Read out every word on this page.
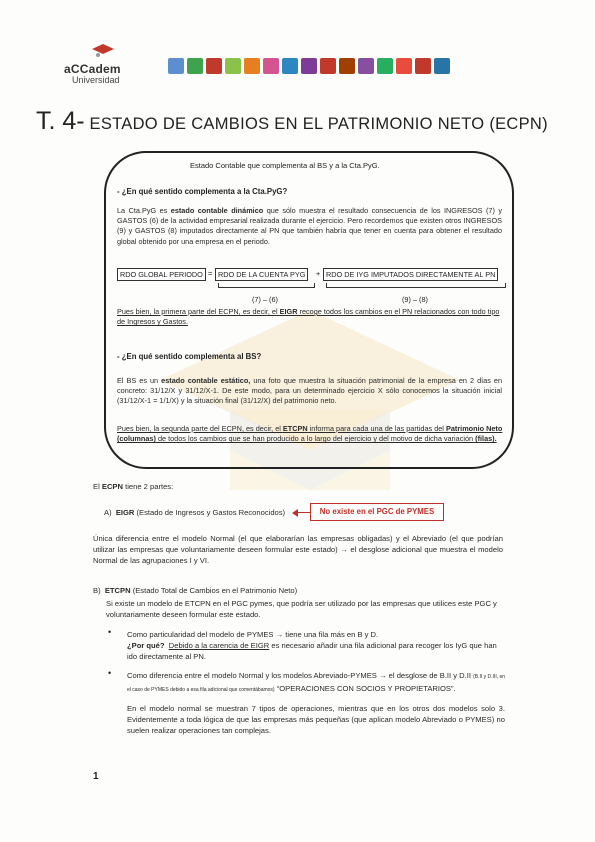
aCCadem
Universidad
T. 4- ESTADO DE CAMBIOS EN EL PATRIMONIO NETO (ECPN)
Estado Contable que complementa al BS y a la Cta.PyG.
- ¿En qué sentido complementa a la Cta.PyG?
La Cta.PyG es estado contable dinámico que sólo muestra el resultado consecuencia de los INGRESOS (7) y GASTOS (6) de la actividad empresarial realizada durante el ejercicio. Pero recordemos que existen otros INGRESOS (9) y GASTOS (8) imputados directamente al PN que también habría que tener en cuenta para obtener el resultado global obtenido por una empresa en el periodo.
RDO GLOBAL PERIODO = RDO DE LA CUENTA PYG	+ RDO DE IYG IMPUTADOS DIRECTAMENTE AL PN
(7) – (6)	(9) – (8)
Pues bien, la primera parte del ECPN, es decir, el EIGR recoge todos los cambios en el PN relacionados con todo tipo de Ingresos y Gastos.
- ¿En qué sentido complementa al BS?
El BS es un estado contable estático, una foto que muestra la situación patrimonial de la empresa en 2 días en concreto: 31/12/X y 31/12/X-1. De este modo, para un determinado ejercicio X sólo conocemos la situación inicial (31/12/X-1 = 1/1/X) y la situación final (31/12/X) del patrimonio neto.
Pues bien, la segunda parte del ECPN, es decir, el ETCPN informa para cada una de las partidas del Patrimonio Neto (columnas) de todos los cambios que se han producido a lo largo del ejercicio y del motivo de dicha variación (filas).
El ECPN tiene 2 partes:
A) EIGR (Estado de Ingresos y Gastos Reconocidos)	No existe en el PGC de PYMES
Única diferencia entre el modelo Normal (el que elaborarían las empresas obligadas) y el Abreviado (el que podrían utilizar las empresas que voluntariamente deseen formular este estado) → el desglose adicional que muestra el modelo Normal de las agrupaciones I y VI.
B) ETCPN (Estado Total de Cambios en el Patrimonio Neto)
Si existe un modelo de ETCPN en el PGC pymes, que podría ser utilizado por las empresas que utilices este PGC y voluntariamente deseen formular este estado.
• Como particularidad del modelo de PYMES → tiene una fila más en B y D.
¿Por qué? Debido a la carencia de EIGR es necesario añadir una fila adicional para recoger los IyG que han ido directamente al PN.
• Como diferencia entre el modelo Normal y los modelos Abreviado-PYMES → el desglose de B.II y D.II (B.II y D.III, en el caso de PYMES debido a esa fila adicional que comentábamos) “OPERACIONES CON SOCIOS Y PROPIETARIOS”.
En el modelo normal se muestran 7 tipos de operaciones, mientras que en los otros dos modelos solo 3. Evidentemente a toda lógica de que las empresas más pequeñas (que aplican modelo Abreviado o PYMES) no suelen realizar operaciones tan complejas.
1
